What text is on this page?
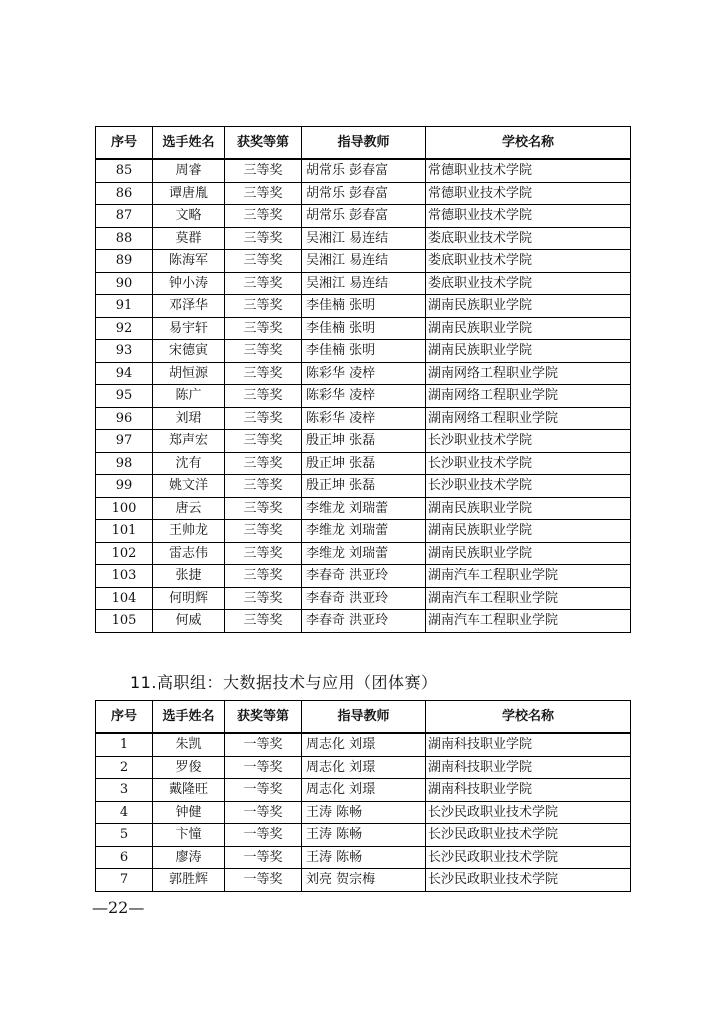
序号	选手姓名	获奖等第	指导教师	学校名称
85	周睿	三等奖	胡常乐 彭春富	常德职业技术学院
86	谭唐胤	三等奖	胡常乐 彭春富	常德职业技术学院
87	文略	三等奖	胡常乐 彭春富	常德职业技术学院
88	莫群	三等奖	吴湘江 易连结	娄底职业技术学院
89	陈海军	三等奖	吴湘江 易连结	娄底职业技术学院
90	钟小涛	三等奖	吴湘江 易连结	娄底职业技术学院
91	邓泽华	三等奖	李佳楠 张明	湖南民族职业学院
92	易宇轩	三等奖	李佳楠 张明	湖南民族职业学院
93	宋德寅	三等奖	李佳楠 张明	湖南民族职业学院
94	胡恒源	三等奖	陈彩华 凌梓	湖南网络工程职业学院
95	陈广	三等奖	陈彩华 凌梓	湖南网络工程职业学院
96	刘珺	三等奖	陈彩华 凌梓	湖南网络工程职业学院
97	郑声宏	三等奖	殷正坤 张磊	长沙职业技术学院
98	沈有	三等奖	殷正坤 张磊	长沙职业技术学院
99	姚文洋	三等奖	殷正坤 张磊	长沙职业技术学院
100	唐云	三等奖	李维龙 刘瑞蕾	湖南民族职业学院
101	王帅龙	三等奖	李维龙 刘瑞蕾	湖南民族职业学院
102	雷志伟	三等奖	李维龙 刘瑞蕾	湖南民族职业学院
103	张捷	三等奖	李春奇 洪亚玲	湖南汽车工程职业学院
104	何明辉	三等奖	李春奇 洪亚玲	湖南汽车工程职业学院
105	何威	三等奖	李春奇 洪亚玲	湖南汽车工程职业学院
11.高职组：大数据技术与应用（团体赛）
序号	选手姓名	获奖等第	指导教师	学校名称
1	朱凯	一等奖	周志化 刘璟	湖南科技职业学院
2	罗俊	一等奖	周志化 刘璟	湖南科技职业学院
3	戴隆旺	一等奖	周志化 刘璟	湖南科技职业学院
4	钟健	一等奖	王涛 陈畅	长沙民政职业技术学院
5	卞憧	一等奖	王涛 陈畅	长沙民政职业技术学院
6	廖涛	一等奖	王涛 陈畅	长沙民政职业技术学院
7	郭胜辉	一等奖	刘亮 贺宗梅	长沙民政职业技术学院
—22—
